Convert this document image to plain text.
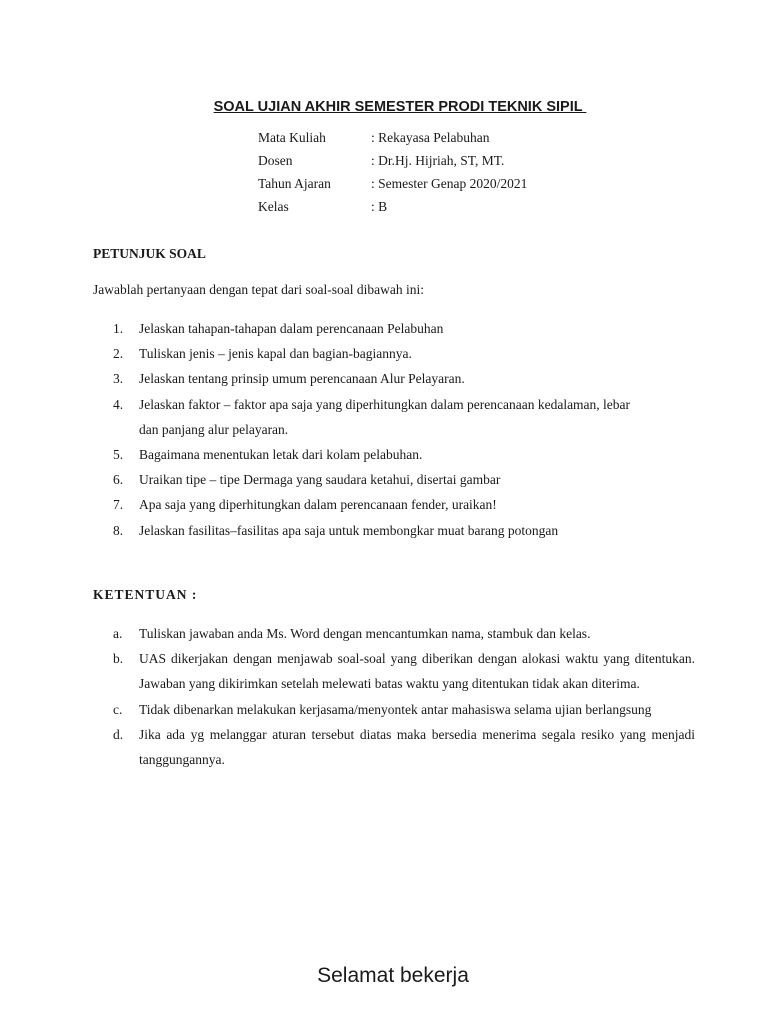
SOAL UJIAN AKHIR SEMESTER PRODI TEKNIK SIPIL
Mata Kuliah	: Rekayasa Pelabuhan
Dosen	: Dr.Hj. Hijriah, ST, MT.
Tahun Ajaran	: Semester Genap 2020/2021
Kelas	: B
PETUNJUK SOAL
Jawablah pertanyaan dengan tepat dari soal-soal dibawah ini:
1.	Jelaskan tahapan-tahapan dalam perencanaan Pelabuhan
2.	Tuliskan jenis – jenis kapal dan bagian-bagiannya.
3.	Jelaskan tentang prinsip umum perencanaan Alur Pelayaran.
4.	Jelaskan faktor – faktor apa saja yang diperhitungkan dalam perencanaan kedalaman, lebar
dan panjang alur pelayaran.
5.	Bagaimana menentukan letak dari kolam pelabuhan.
6.	Uraikan tipe – tipe Dermaga yang saudara ketahui, disertai gambar
7.	Apa saja yang diperhitungkan dalam perencanaan fender, uraikan!
8.	Jelaskan fasilitas–fasilitas apa saja untuk membongkar muat barang potongan
KETENTUAN :
a.	Tuliskan jawaban anda Ms. Word dengan mencantumkan nama, stambuk dan kelas.
b.	UAS dikerjakan dengan menjawab soal-soal yang diberikan dengan alokasi waktu yang ditentukan. Jawaban yang dikirimkan setelah melewati batas waktu yang ditentukan tidak akan diterima.
c.	Tidak dibenarkan melakukan kerjasama/menyontek antar mahasiswa selama ujian berlangsung
d.	Jika ada yg melanggar aturan tersebut diatas maka bersedia menerima segala resiko yang menjadi tanggungannya.
Selamat bekerja
